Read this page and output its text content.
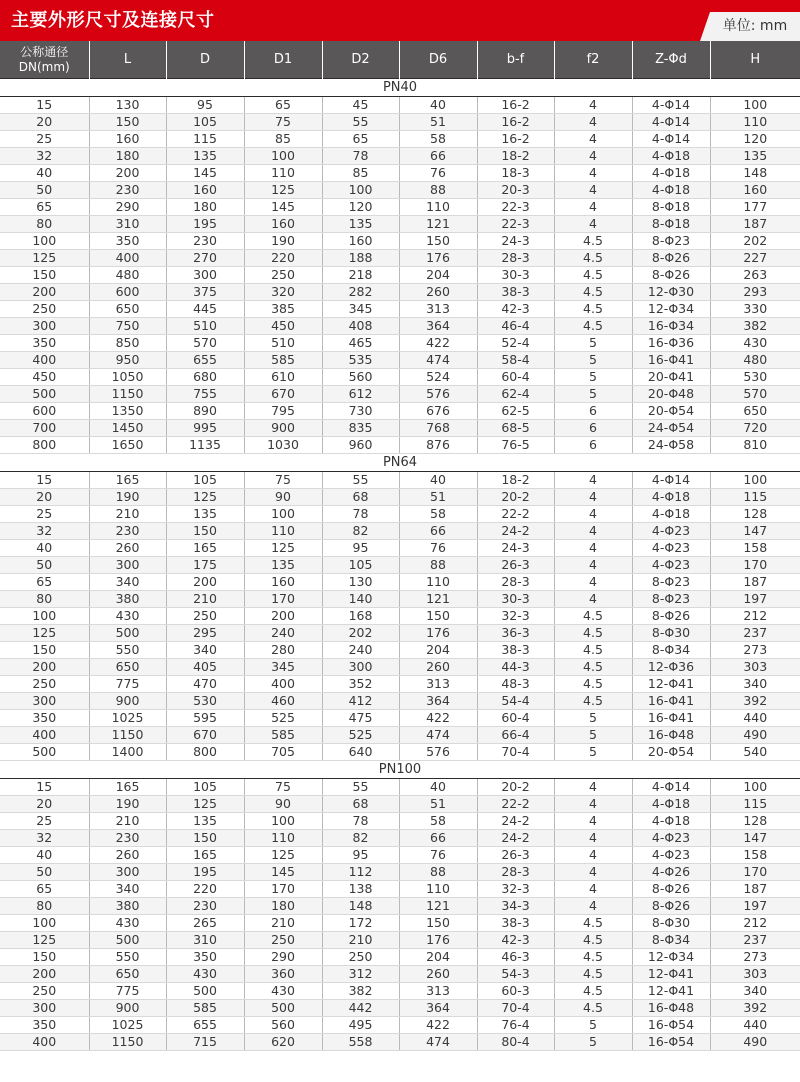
主要外形尺寸及连接尺寸	单位: mm
公称通径 DN(mm)	L	D	D1	D2	D6	b-f	f2	Z-Φd	H
PN40									
15	130	95	65	45	40	16-2	4	4-Φ14	100
20	150	105	75	55	51	16-2	4	4-Φ14	110
25	160	115	85	65	58	16-2	4	4-Φ14	120
32	180	135	100	78	66	18-2	4	4-Φ18	135
40	200	145	110	85	76	18-3	4	4-Φ18	148
50	230	160	125	100	88	20-3	4	4-Φ18	160
65	290	180	145	120	110	22-3	4	8-Φ18	177
80	310	195	160	135	121	22-3	4	8-Φ18	187
100	350	230	190	160	150	24-3	4.5	8-Φ23	202
125	400	270	220	188	176	28-3	4.5	8-Φ26	227
150	480	300	250	218	204	30-3	4.5	8-Φ26	263
200	600	375	320	282	260	38-3	4.5	12-Φ30	293
250	650	445	385	345	313	42-3	4.5	12-Φ34	330
300	750	510	450	408	364	46-4	4.5	16-Φ34	382
350	850	570	510	465	422	52-4	5	16-Φ36	430
400	950	655	585	535	474	58-4	5	16-Φ41	480
450	1050	680	610	560	524	60-4	5	20-Φ41	530
500	1150	755	670	612	576	62-4	5	20-Φ48	570
600	1350	890	795	730	676	62-5	6	20-Φ54	650
700	1450	995	900	835	768	68-5	6	24-Φ54	720
800	1650	1135	1030	960	876	76-5	6	24-Φ58	810
PN64									
15	165	105	75	55	40	18-2	4	4-Φ14	100
20	190	125	90	68	51	20-2	4	4-Φ18	115
25	210	135	100	78	58	22-2	4	4-Φ18	128
32	230	150	110	82	66	24-2	4	4-Φ23	147
40	260	165	125	95	76	24-3	4	4-Φ23	158
50	300	175	135	105	88	26-3	4	4-Φ23	170
65	340	200	160	130	110	28-3	4	8-Φ23	187
80	380	210	170	140	121	30-3	4	8-Φ23	197
100	430	250	200	168	150	32-3	4.5	8-Φ26	212
125	500	295	240	202	176	36-3	4.5	8-Φ30	237
150	550	340	280	240	204	38-3	4.5	8-Φ34	273
200	650	405	345	300	260	44-3	4.5	12-Φ36	303
250	775	470	400	352	313	48-3	4.5	12-Φ41	340
300	900	530	460	412	364	54-4	4.5	16-Φ41	392
350	1025	595	525	475	422	60-4	5	16-Φ41	440
400	1150	670	585	525	474	66-4	5	16-Φ48	490
500	1400	800	705	640	576	70-4	5	20-Φ54	540
PN100									
15	165	105	75	55	40	20-2	4	4-Φ14	100
20	190	125	90	68	51	22-2	4	4-Φ18	115
25	210	135	100	78	58	24-2	4	4-Φ18	128
32	230	150	110	82	66	24-2	4	4-Φ23	147
40	260	165	125	95	76	26-3	4	4-Φ23	158
50	300	195	145	112	88	28-3	4	4-Φ26	170
65	340	220	170	138	110	32-3	4	8-Φ26	187
80	380	230	180	148	121	34-3	4	8-Φ26	197
100	430	265	210	172	150	38-3	4.5	8-Φ30	212
125	500	310	250	210	176	42-3	4.5	8-Φ34	237
150	550	350	290	250	204	46-3	4.5	12-Φ34	273
200	650	430	360	312	260	54-3	4.5	12-Φ41	303
250	775	500	430	382	313	60-3	4.5	12-Φ41	340
300	900	585	500	442	364	70-4	4.5	16-Φ48	392
350	1025	655	560	495	422	76-4	5	16-Φ54	440
400	1150	715	620	558	474	80-4	5	16-Φ54	490
